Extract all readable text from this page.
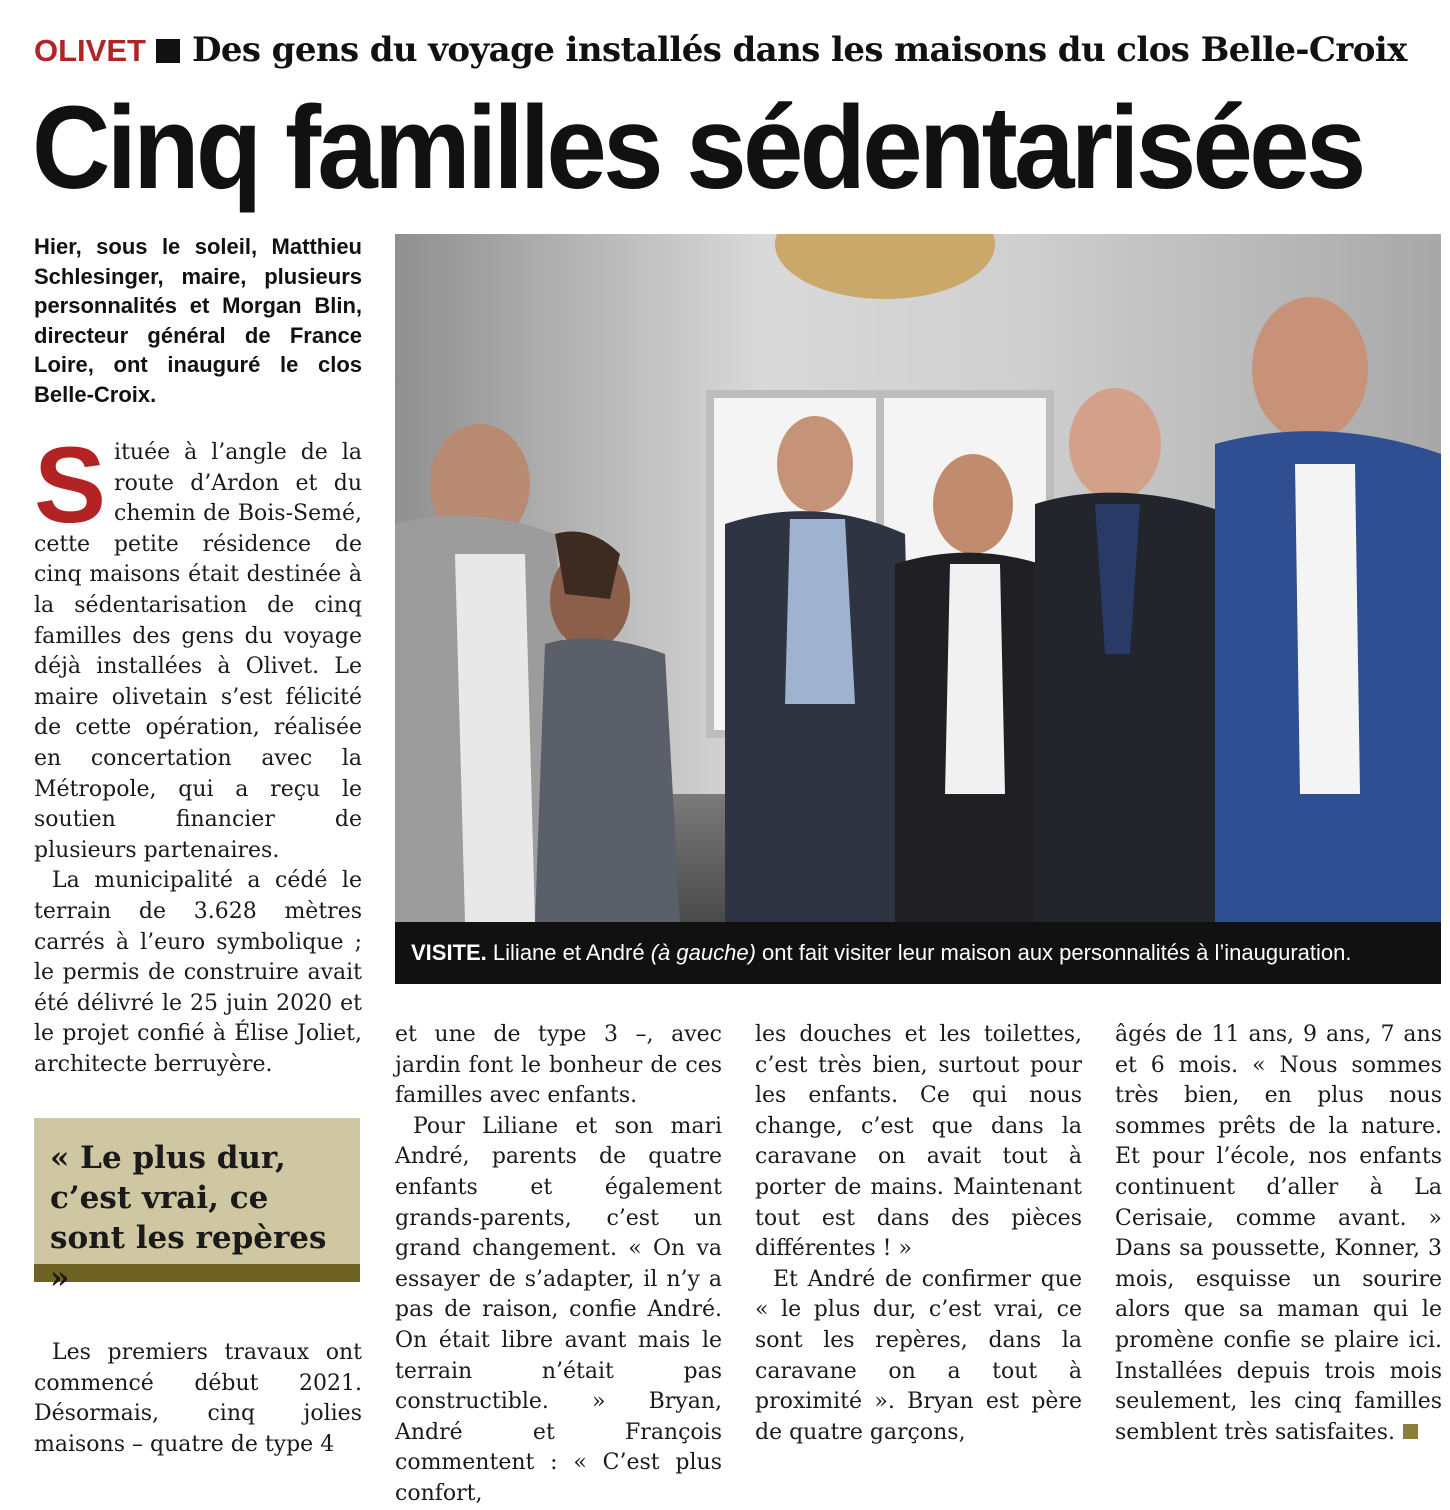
OLIVET Des gens du voyage installés dans les maisons du clos Belle-Croix
Cinq familles sédentarisées
Hier, sous le soleil, Matthieu Schlesinger, maire, plusieurs personnalités et Morgan Blin, directeur général de France Loire, ont inauguré le clos Belle-Croix.

Située à l’angle de la route d’Ardon et du chemin de Bois-Semé, cette petite résidence de cinq maisons était destinée à la sédentarisation de cinq familles des gens du voyage déjà installées à Olivet. Le maire olivetain s’est félicité de cette opération, réalisée en concertation avec la Métropole, qui a reçu le soutien financier de plusieurs partenaires.

La municipalité a cédé le terrain de 3.628 mètres carrés à l’euro symbolique ; le permis de construire avait été délivré le 25 juin 2020 et le projet confié à Élise Joliet, architecte berruyère.

« Le plus dur, c’est vrai, ce sont les repères »

Les premiers travaux ont commencé début 2021. Désormais, cinq jolies maisons – quatre de type 4

et une de type 3 –, avec jardin font le bonheur de ces familles avec enfants.

Pour Liliane et son mari André, parents de quatre enfants et également grands-parents, c’est un grand changement. « On va essayer de s’adapter, il n’y a pas de raison, confie André. On était libre avant mais le terrain n’était pas constructible. » Bryan, André et François commentent : « C’est plus confort,

les douches et les toilettes, c’est très bien, surtout pour les enfants. Ce qui nous change, c’est que dans la caravane on avait tout à porter de mains. Maintenant tout est dans des pièces différentes ! »

Et André de confirmer que « le plus dur, c’est vrai, ce sont les repères, dans la caravane on a tout à proximité ». Bryan est père de quatre garçons,

âgés de 11 ans, 9 ans, 7 ans et 6 mois. « Nous sommes très bien, en plus nous sommes prêts de la nature. Et pour l’école, nos enfants continuent d’aller à La Cerisaie, comme avant. » Dans sa poussette, Konner, 3 mois, esquisse un sourire alors que sa maman qui le promène confie se plaire ici. Installées depuis trois mois seulement, les cinq familles semblent très satisfaites.

VISITE. Liliane et André (à gauche) ont fait visiter leur maison aux personnalités à l’inauguration.
